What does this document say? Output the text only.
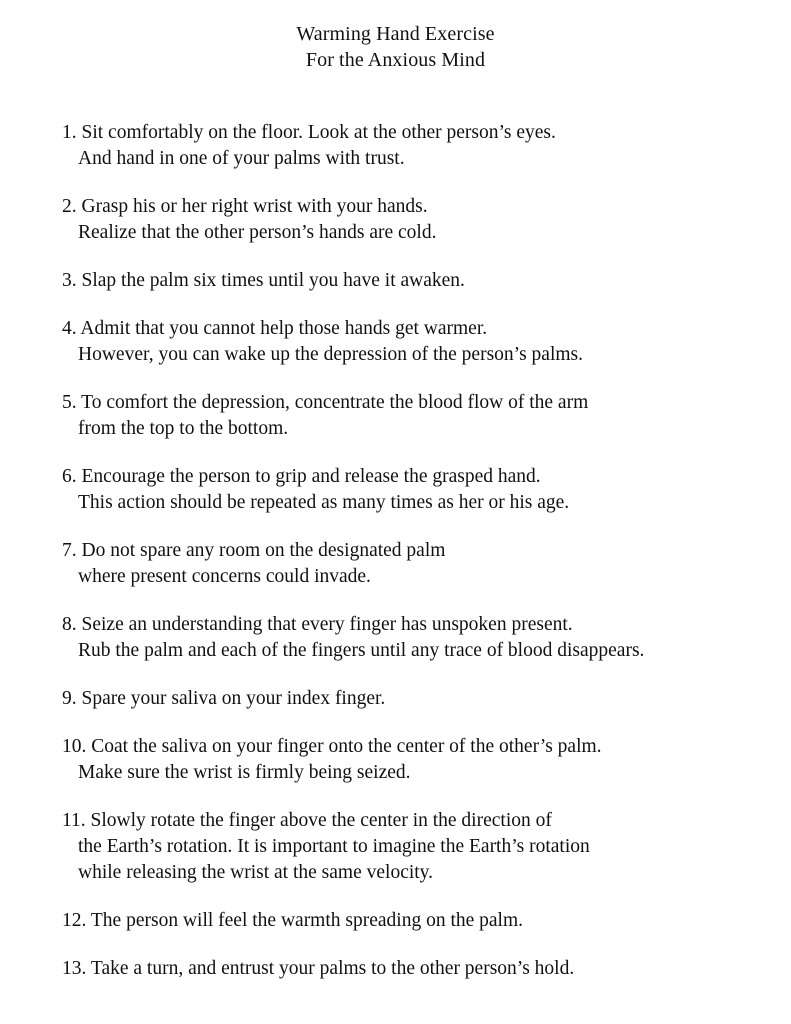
Warming Hand Exercise
For the Anxious Mind
1. Sit comfortably on the floor. Look at the other person’s eyes.
And hand in one of your palms with trust.
2. Grasp his or her right wrist with your hands.
Realize that the other person’s hands are cold.
3. Slap the palm six times until you have it awaken.
4. Admit that you cannot help those hands get warmer.
However, you can wake up the depression of the person’s palms.
5. To comfort the depression, concentrate the blood flow of the arm
from the top to the bottom.
6. Encourage the person to grip and release the grasped hand.
This action should be repeated as many times as her or his age.
7. Do not spare any room on the designated palm
where present concerns could invade.
8. Seize an understanding that every finger has unspoken present.
Rub the palm and each of the fingers until any trace of blood disappears.
9. Spare your saliva on your index finger.
10. Coat the saliva on your finger onto the center of the other’s palm.
Make sure the wrist is firmly being seized.
11. Slowly rotate the finger above the center in the direction of
the Earth’s rotation. It is important to imagine the Earth’s rotation
while releasing the wrist at the same velocity.
12. The person will feel the warmth spreading on the palm.
13. Take a turn, and entrust your palms to the other person’s hold.
